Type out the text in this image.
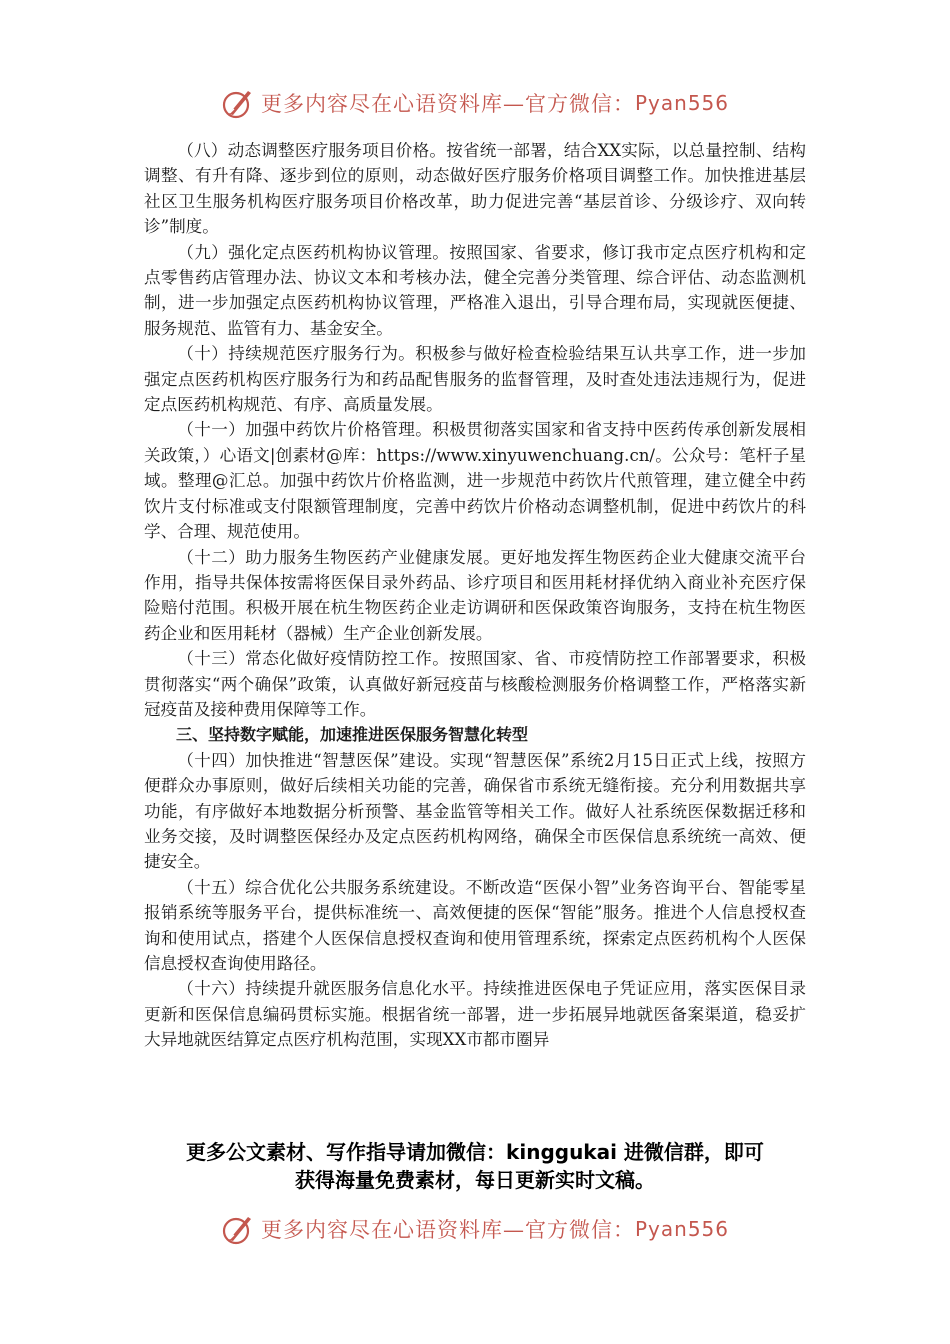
更多内容尽在心语资料库—官方微信： Pyan556

（八）动态调整医疗服务项目价格。按省统一部署，结合XX实际，以总量控制、结构调整、有升有降、逐步到位的原则，动态做好医疗服务价格项目调整工作。加快推进基层社区卫生服务机构医疗服务项目价格改革，助力促进完善“基层首诊、分级诊疗、双向转诊”制度。

（九）强化定点医药机构协议管理。按照国家、省要求，修订我市定点医疗机构和定点零售药店管理办法、协议文本和考核办法，健全完善分类管理、综合评估、动态监测机制，进一步加强定点医药机构协议管理，严格准入退出，引导合理布局，实现就医便捷、服务规范、监管有力、基金安全。

（十）持续规范医疗服务行为。积极参与做好检查检验结果互认共享工作，进一步加强定点医药机构医疗服务行为和药品配售服务的监督管理，及时查处违法违规行为，促进定点医药机构规范、有序、高质量发展。

（十一）加强中药饮片价格管理。积极贯彻落实国家和省支持中医药传承创新发展相关政策，）心语文|创素材@库：https://www.xinyuwenchuang.cn/。公众号：笔杆子星域。整理@汇总。加强中药饮片价格监测，进一步规范中药饮片代煎管理，建立健全中药饮片支付标准或支付限额管理制度，完善中药饮片价格动态调整机制，促进中药饮片的科学、合理、规范使用。

（十二）助力服务生物医药产业健康发展。更好地发挥生物医药企业大健康交流平台作用，指导共保体按需将医保目录外药品、诊疗项目和医用耗材择优纳入商业补充医疗保险赔付范围。积极开展在杭生物医药企业走访调研和医保政策咨询服务，支持在杭生物医药企业和医用耗材（器械）生产企业创新发展。

（十三）常态化做好疫情防控工作。按照国家、省、市疫情防控工作部署要求，积极贯彻落实“两个确保”政策，认真做好新冠疫苗与核酸检测服务价格调整工作，严格落实新冠疫苗及接种费用保障等工作。

三、坚持数字赋能，加速推进医保服务智慧化转型

（十四）加快推进“智慧医保”建设。实现“智慧医保”系统2月15日正式上线，按照方便群众办事原则，做好后续相关功能的完善，确保省市系统无缝衔接。充分利用数据共享功能，有序做好本地数据分析预警、基金监管等相关工作。做好人社系统医保数据迁移和业务交接，及时调整医保经办及定点医药机构网络，确保全市医保信息系统统一高效、便捷安全。

（十五）综合优化公共服务系统建设。不断改造“医保小智”业务咨询平台、智能零星报销系统等服务平台，提供标准统一、高效便捷的医保“智能”服务。推进个人信息授权查询和使用试点，搭建个人医保信息授权查询和使用管理系统，探索定点医药机构个人医保信息授权查询使用路径。

（十六）持续提升就医服务信息化水平。持续推进医保电子凭证应用，落实医保目录更新和医保信息编码贯标实施。根据省统一部署，进一步拓展异地就医备案渠道，稳妥扩大异地就医结算定点医疗机构范围，实现XX市都市圈异

更多公文素材、写作指导请加微信：kinggukai 进微信群，即可
获得海量免费素材，每日更新实时文稿。
更多内容尽在心语资料库—官方微信： Pyan556
